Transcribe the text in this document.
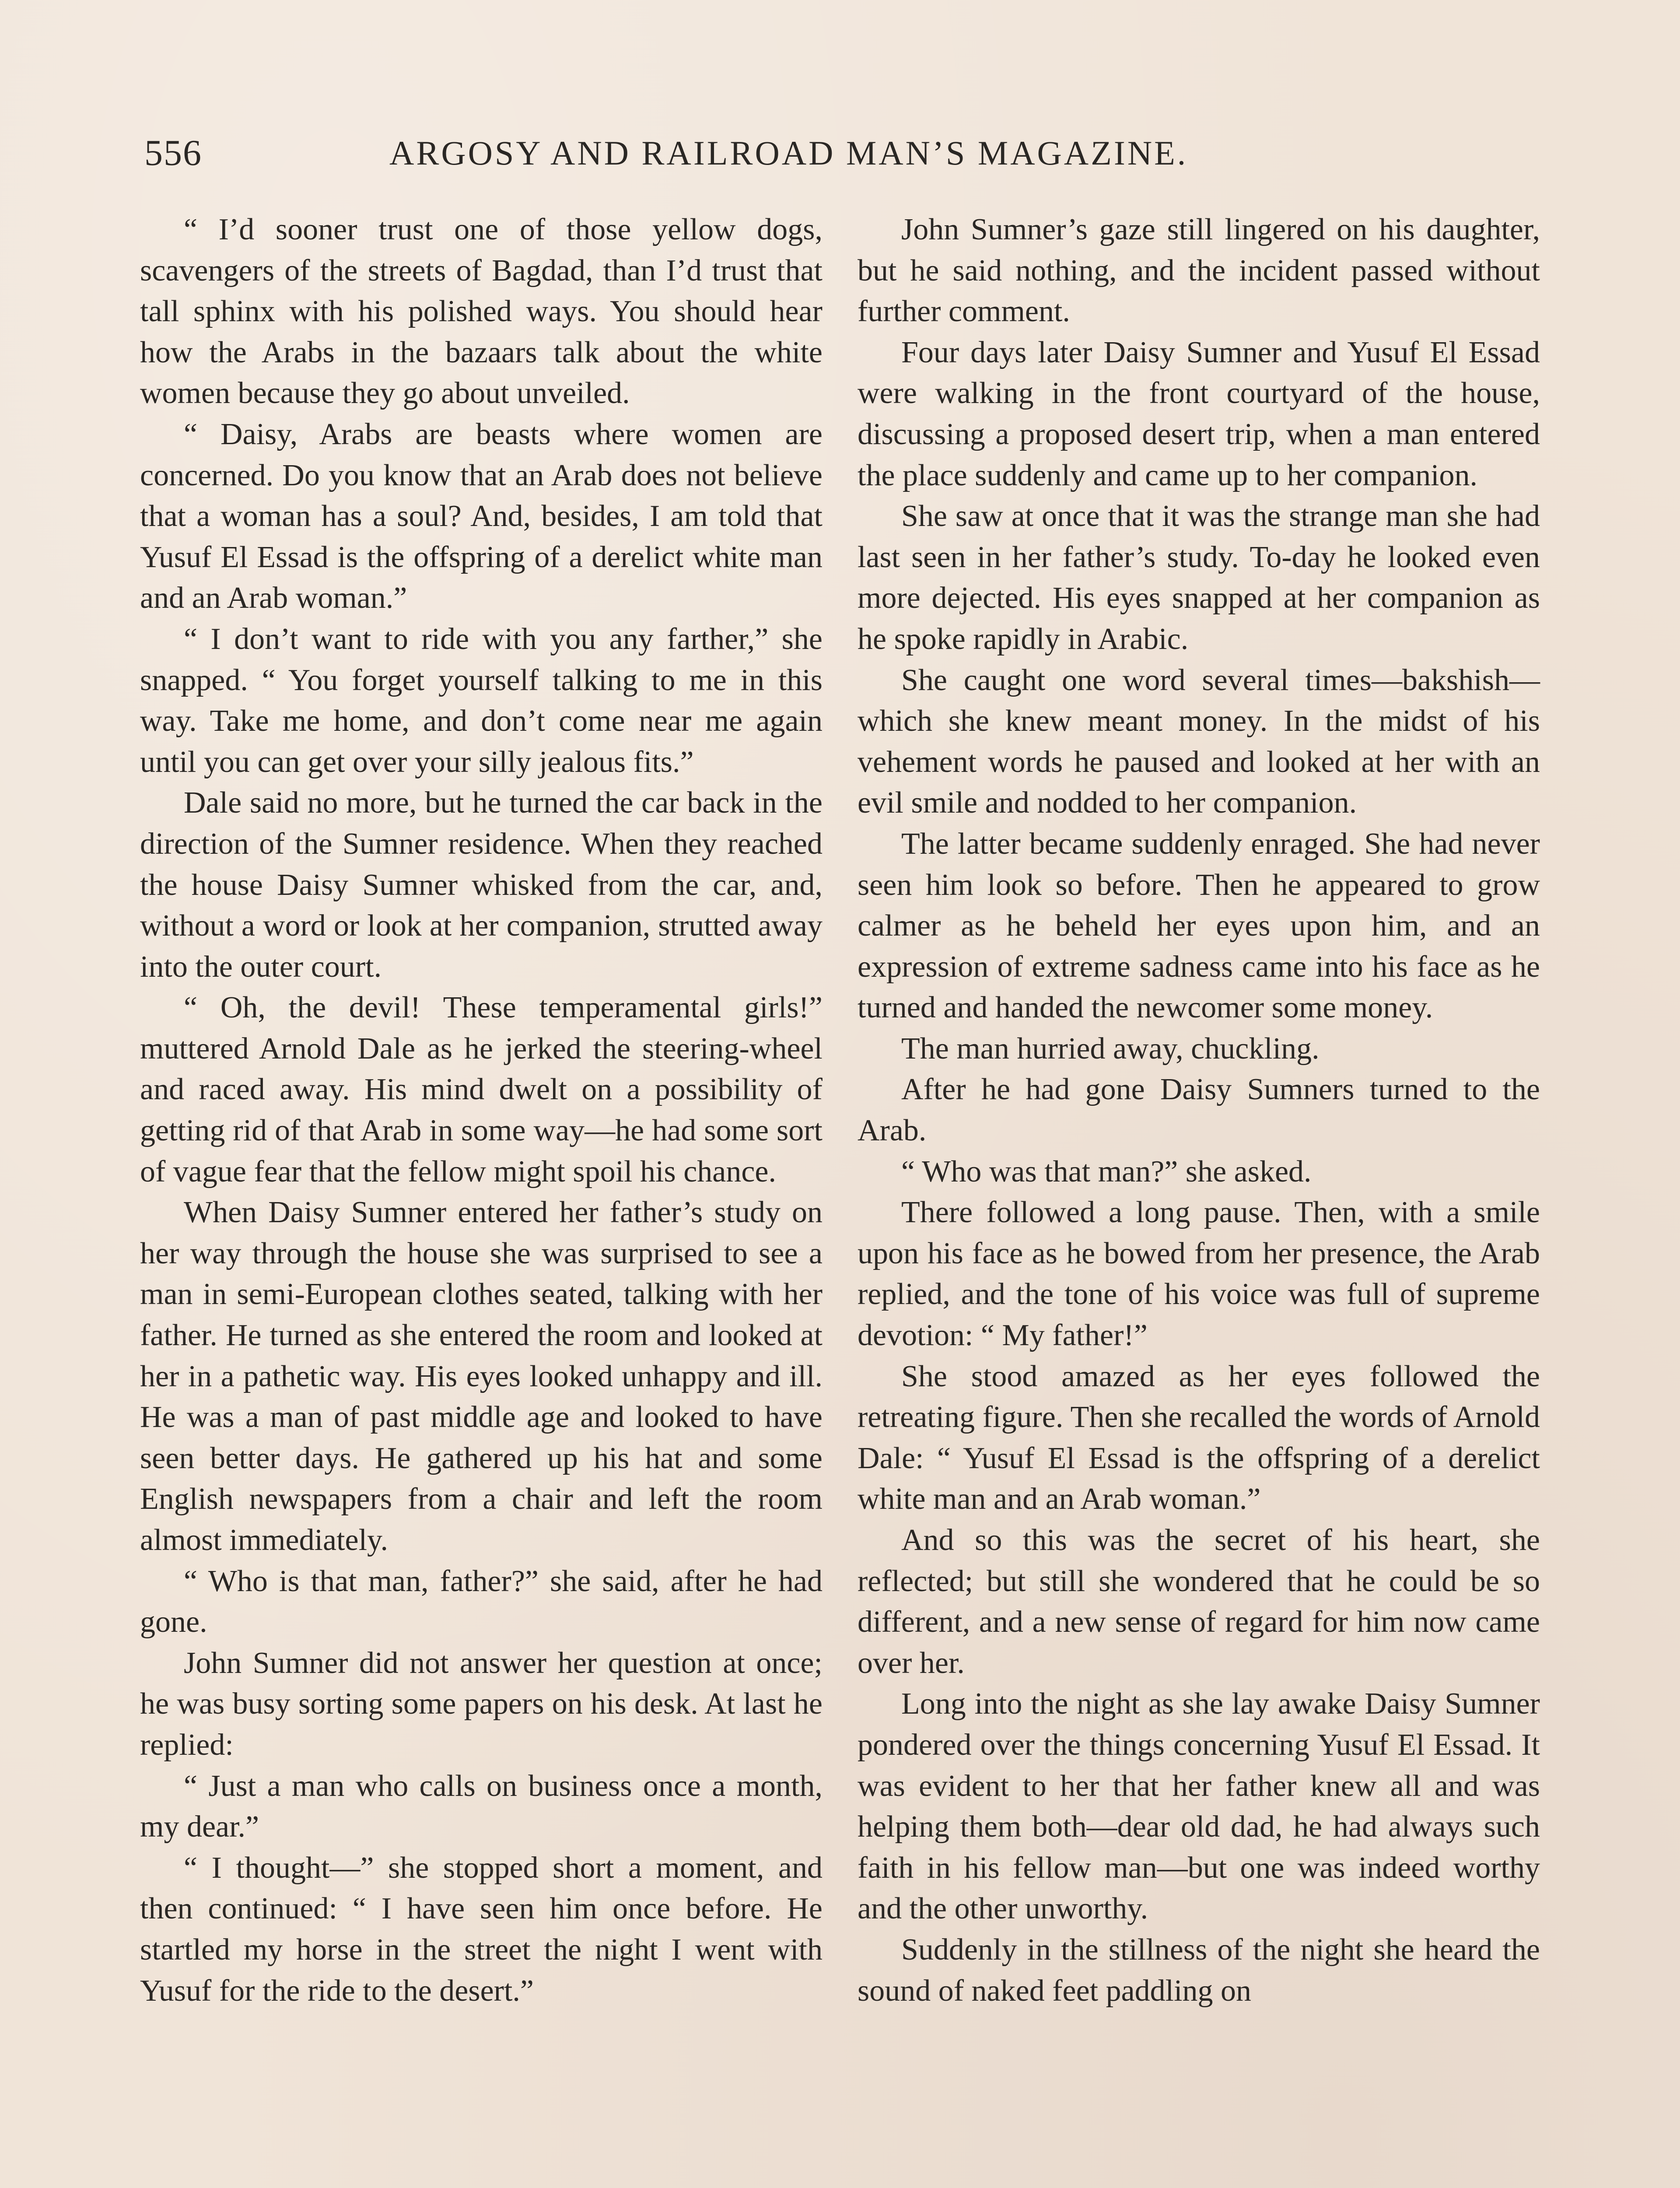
556	ARGOSY AND RAILROAD MAN’S MAGAZINE.

“ I’d sooner trust one of those yellow dogs, scavengers of the streets of Bagdad, than I’d trust that tall sphinx with his polished ways. You should hear how the Arabs in the bazaars talk about the white women because they go about unveiled.

“ Daisy, Arabs are beasts where women are concerned. Do you know that an Arab does not believe that a woman has a soul? And, besides, I am told that Yusuf El Essad is the offspring of a derelict white man and an Arab woman.”

“ I don’t want to ride with you any farther,” she snapped. “ You forget yourself talking to me in this way. Take me home, and don’t come near me again until you can get over your silly jealous fits.”

Dale said no more, but he turned the car back in the direction of the Sumner residence. When they reached the house Daisy Sumner whisked from the car, and, without a word or look at her companion, strutted away into the outer court.

“ Oh, the devil! These temperamental girls!” muttered Arnold Dale as he jerked the steering-wheel and raced away. His mind dwelt on a possibility of getting rid of that Arab in some way—he had some sort of vague fear that the fellow might spoil his chance.

When Daisy Sumner entered her father’s study on her way through the house she was surprised to see a man in semi-European clothes seated, talking with her father. He turned as she entered the room and looked at her in a pathetic way. His eyes looked unhappy and ill. He was a man of past middle age and looked to have seen better days. He gathered up his hat and some English newspapers from a chair and left the room almost immediately.

“ Who is that man, father?” she said, after he had gone.

John Sumner did not answer her question at once; he was busy sorting some papers on his desk. At last he replied:

“ Just a man who calls on business once a month, my dear.”

“ I thought—” she stopped short a moment, and then continued: “ I have seen him once before. He startled my horse in the street the night I went with Yusuf for the ride to the desert.”

John Sumner’s gaze still lingered on his daughter, but he said nothing, and the incident passed without further comment.

Four days later Daisy Sumner and Yusuf El Essad were walking in the front courtyard of the house, discussing a proposed desert trip, when a man entered the place suddenly and came up to her companion.

She saw at once that it was the strange man she had last seen in her father’s study. To-day he looked even more dejected. His eyes snapped at her companion as he spoke rapidly in Arabic.

She caught one word several times—bakshish—which she knew meant money. In the midst of his vehement words he paused and looked at her with an evil smile and nodded to her companion.

The latter became suddenly enraged. She had never seen him look so before. Then he appeared to grow calmer as he beheld her eyes upon him, and an expression of extreme sadness came into his face as he turned and handed the newcomer some money.

The man hurried away, chuckling.

After he had gone Daisy Sumners turned to the Arab.

“ Who was that man?” she asked.

There followed a long pause. Then, with a smile upon his face as he bowed from her presence, the Arab replied, and the tone of his voice was full of supreme devotion: “ My father!”

She stood amazed as her eyes followed the retreating figure. Then she recalled the words of Arnold Dale: “ Yusuf El Essad is the offspring of a derelict white man and an Arab woman.”

And so this was the secret of his heart, she reflected; but still she wondered that he could be so different, and a new sense of regard for him now came over her.

Long into the night as she lay awake Daisy Sumner pondered over the things concerning Yusuf El Essad. It was evident to her that her father knew all and was helping them both—dear old dad, he had always such faith in his fellow man—but one was indeed worthy and the other unworthy.

Suddenly in the stillness of the night she heard the sound of naked feet paddling on
